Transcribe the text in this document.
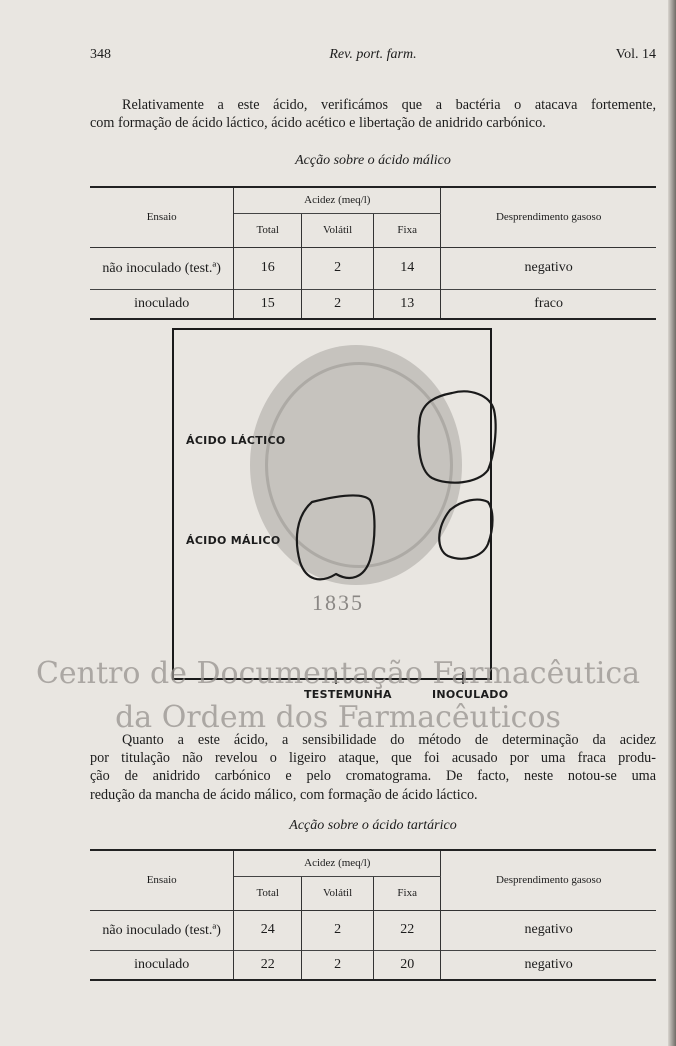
348	Rev. port. farm.	Vol. 14
Relativamente a este ácido, verificámos que a bactéria o atacava fortemente,
com formação de ácido láctico, ácido acético e libertação de anidrido carbónico.
Acção sobre o ácido málico
Ensaio	Acidez (meq/l)			Desprendimento gasoso
	Total	Volátil	Fixa	
não inoculado (test.ª)	16	2	14	negativo
inoculado	15	2	13	fraco
1835
ÁCIDO LÁCTICO
ÁCIDO MÁLICO
TESTEMUNHA	INOCULADO
Centro de Documentação Farmacêutica
da Ordem dos Farmacêuticos
Quanto a este ácido, a sensibilidade do método de determinação da acidez
por titulação não revelou o ligeiro ataque, que foi acusado por uma fraca produ-
ção de anidrido carbónico e pelo cromatograma. De facto, neste notou-se uma
redução da mancha de ácido málico, com formação de ácido láctico.
Acção sobre o ácido tartárico
Ensaio	Acidez (meq/l)			Desprendimento gasoso
	Total	Volátil	Fixa	
não inoculado (test.ª)	24	2	22	negativo
inoculado	22	2	20	negativo
